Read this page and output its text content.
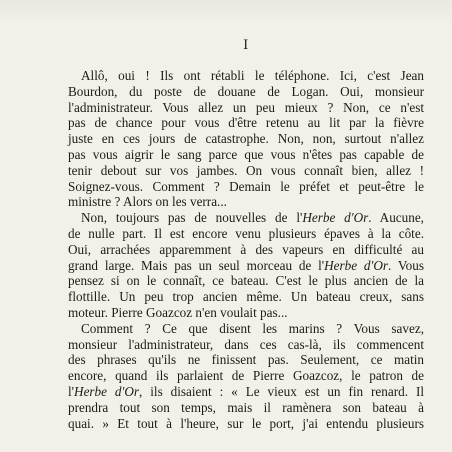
I
Allô, oui ! Ils ont rétabli le téléphone. Ici, c'est Jean
Bourdon, du poste de douane de Logan. Oui, monsieur
l'administrateur. Vous allez un peu mieux ? Non, ce n'est
pas de chance pour vous d'être retenu au lit par la fièvre
juste en ces jours de catastrophe. Non, non, surtout n'allez
pas vous aigrir le sang parce que vous n'êtes pas capable de
tenir debout sur vos jambes. On vous connaît bien, allez !
Soignez-vous. Comment ? Demain le préfet et peut-être le
ministre ? Alors on les verra...
Non, toujours pas de nouvelles de l'Herbe d'Or. Aucune,
de nulle part. Il est encore venu plusieurs épaves à la côte.
Oui, arrachées apparemment à des vapeurs en difficulté au
grand large. Mais pas un seul morceau de l'Herbe d'Or. Vous
pensez si on le connaît, ce bateau. C'est le plus ancien de la
flottille. Un peu trop ancien même. Un bateau creux, sans
moteur. Pierre Goazcoz n'en voulait pas...
Comment ? Ce que disent les marins ? Vous savez,
monsieur l'administrateur, dans ces cas-là, ils commencent
des phrases qu'ils ne finissent pas. Seulement, ce matin
encore, quand ils parlaient de Pierre Goazcoz, le patron de
l'Herbe d'Or, ils disaient : « Le vieux est un fin renard. Il
prendra tout son temps, mais il ramènera son bateau à
quai. » Et tout à l'heure, sur le port, j'ai entendu plusieurs
